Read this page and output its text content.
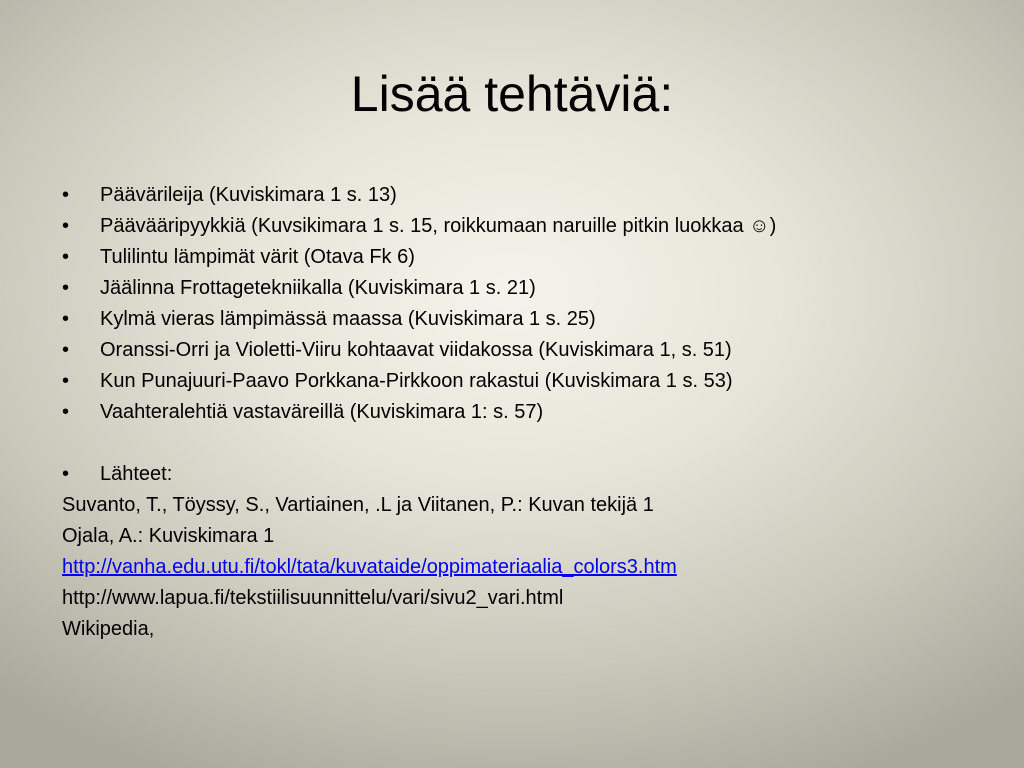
Lisää tehtäviä:
•	Päävärileija (Kuviskimara 1 s. 13)
•	Päävääripyykkiä (Kuvsikimara 1 s. 15, roikkumaan naruille pitkin luokkaa ☺)
•	Tulilintu lämpimät värit (Otava Fk 6)
•	Jäälinna Frottagetekniikalla (Kuviskimara 1 s. 21)
•	Kylmä vieras lämpimässä maassa (Kuviskimara 1 s. 25)
•	Oranssi-Orri ja Violetti-Viiru kohtaavat viidakossa (Kuviskimara 1, s. 51)
•	Kun Punajuuri-Paavo Porkkana-Pirkkoon rakastui (Kuviskimara 1 s. 53)
•	Vaahteralehtiä vastaväreillä (Kuviskimara 1: s. 57)
•	Lähteet:
Suvanto, T., Töyssy, S., Vartiainen, .L ja Viitanen, P.: Kuvan tekijä 1
Ojala, A.: Kuviskimara 1
http://vanha.edu.utu.fi/tokl/tata/kuvataide/oppimateriaalia_colors3.htm
http://www.lapua.fi/tekstiilisuunnittelu/vari/sivu2_vari.html
Wikipedia,
